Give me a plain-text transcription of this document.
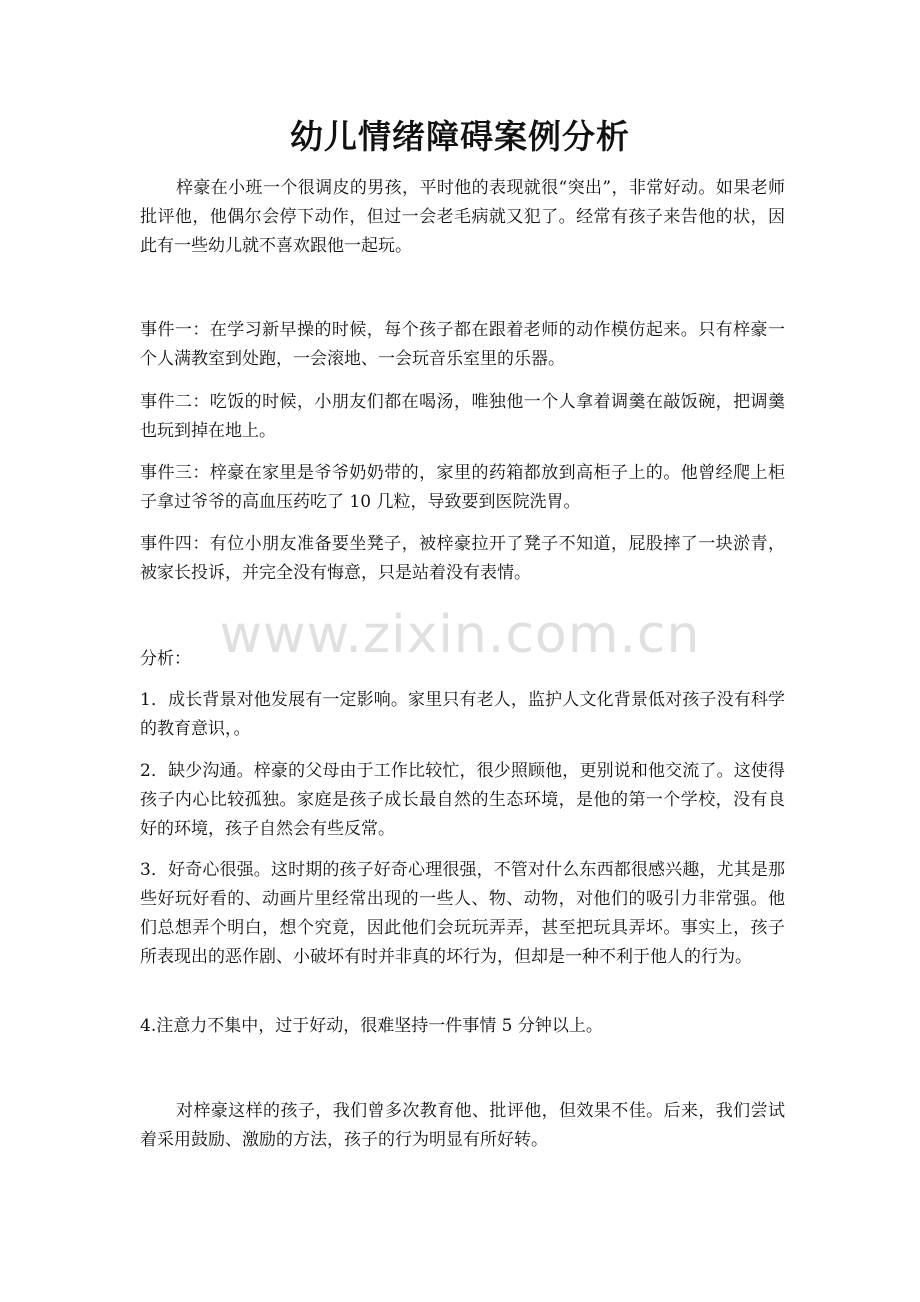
幼儿情绪障碍案例分析
梓豪在小班一个很调皮的男孩，平时他的表现就很“突出”，非常好动。如果老师批评他，他偶尔会停下动作，但过一会老毛病就又犯了。经常有孩子来告他的状，因此有一些幼儿就不喜欢跟他一起玩。
事件一：在学习新早操的时候，每个孩子都在跟着老师的动作模仿起来。只有梓豪一个人满教室到处跑，一会滚地、一会玩音乐室里的乐器。
事件二：吃饭的时候，小朋友们都在喝汤，唯独他一个人拿着调羹在敲饭碗，把调羹也玩到掉在地上。
事件三：梓豪在家里是爷爷奶奶带的，家里的药箱都放到高柜子上的。他曾经爬上柜子拿过爷爷的高血压药吃了 10 几粒，导致要到医院洗胃。
事件四：有位小朋友准备要坐凳子，被梓豪拉开了凳子不知道，屁股摔了一块淤青，被家长投诉，并完全没有悔意，只是站着没有表情。
www.zixin.com.cn
分析：
1．成长背景对他发展有一定影响。家里只有老人，监护人文化背景低对孩子没有科学的教育意识，。
2．缺少沟通。梓豪的父母由于工作比较忙，很少照顾他，更别说和他交流了。这使得孩子内心比较孤独。家庭是孩子成长最自然的生态环境，是他的第一个学校，没有良好的环境，孩子自然会有些反常。
3．好奇心很强。这时期的孩子好奇心理很强，不管对什么东西都很感兴趣，尤其是那些好玩好看的、动画片里经常出现的一些人、物、动物，对他们的吸引力非常强。他们总想弄个明白，想个究竟，因此他们会玩玩弄弄，甚至把玩具弄坏。事实上，孩子所表现出的恶作剧、小破坏有时并非真的坏行为，但却是一种不利于他人的行为。
4.注意力不集中，过于好动，很难坚持一件事情 5 分钟以上。
对梓豪这样的孩子，我们曾多次教育他、批评他，但效果不佳。后来，我们尝试着采用鼓励、激励的方法，孩子的行为明显有所好转。
